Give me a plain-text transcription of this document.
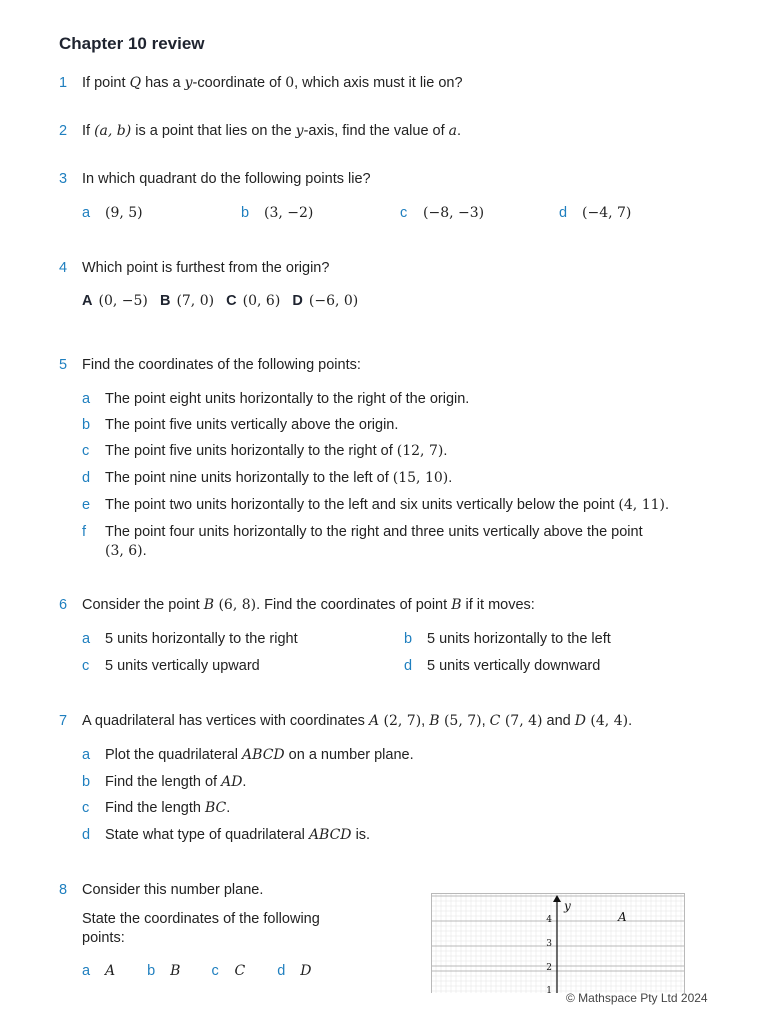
Chapter 10 review
1 If point Q has a y-coordinate of 0, which axis must it lie on?
2 If (a, b) is a point that lies on the y-axis, find the value of a.
3 In which quadrant do the following points lie?
a (9, 5)	b (3, −2)	c (−8, −3)	d (−4, 7)
4 Which point is furthest from the origin?
A (0, −5) B (7, 0) C (0, 6) D (−6, 0)
5 Find the coordinates of the following points:
a The point eight units horizontally to the right of the origin.
b The point five units vertically above the origin.
c The point five units horizontally to the right of (12, 7).
d The point nine units horizontally to the left of (15, 10).
e The point two units horizontally to the left and six units vertically below the point (4, 11).
f The point four units horizontally to the right and three units vertically above the point
(3, 6).
6 Consider the point B (6, 8). Find the coordinates of point B if it moves:
a 5 units horizontally to the right	b 5 units horizontally to the left
c 5 units vertically upward	d 5 units vertically downward
7 A quadrilateral has vertices with coordinates A (2, 7), B (5, 7), C (7, 4) and D (4, 4).
a Plot the quadrilateral ABCD on a number plane.
b Find the length of AD.
c Find the length BC.
d State what type of quadrilateral ABCD is.
8 Consider this number plane.
State the coordinates of the following
points:
a A b B c C d D
y
4
3
2
1
A
© Mathspace Pty Ltd 2024
